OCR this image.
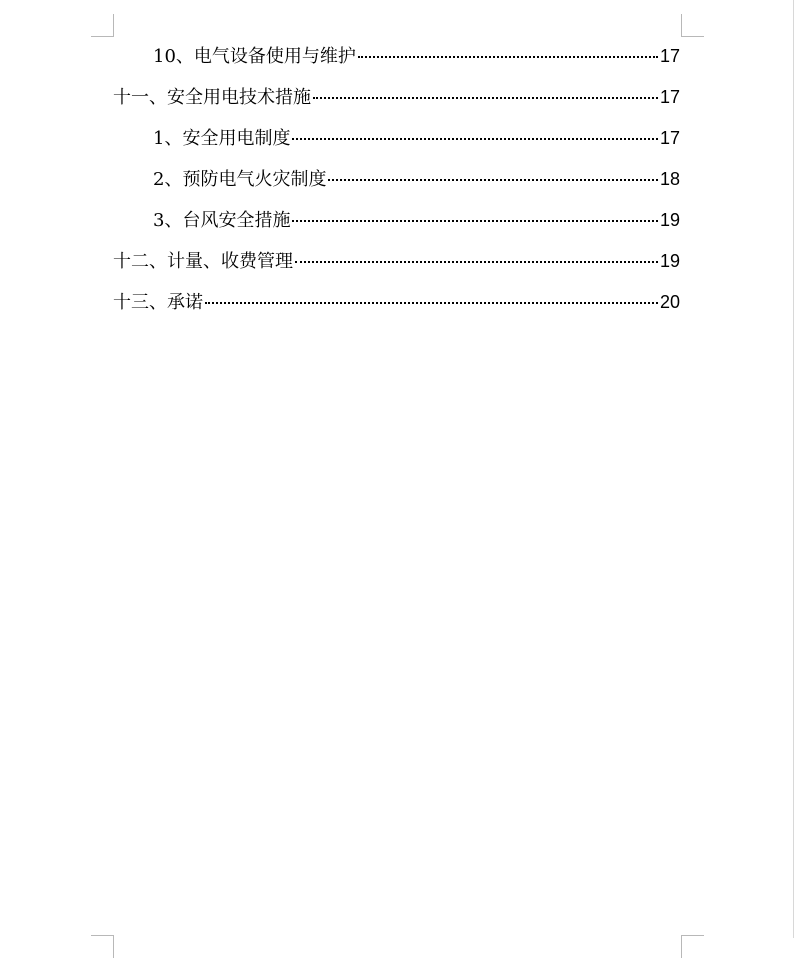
10、电气设备使用与维护	17
十一、安全用电技术措施	17
1、安全用电制度	17
2、预防电气火灾制度	18
3、台风安全措施	19
十二、计量、收费管理	19
十三、承诺	20
